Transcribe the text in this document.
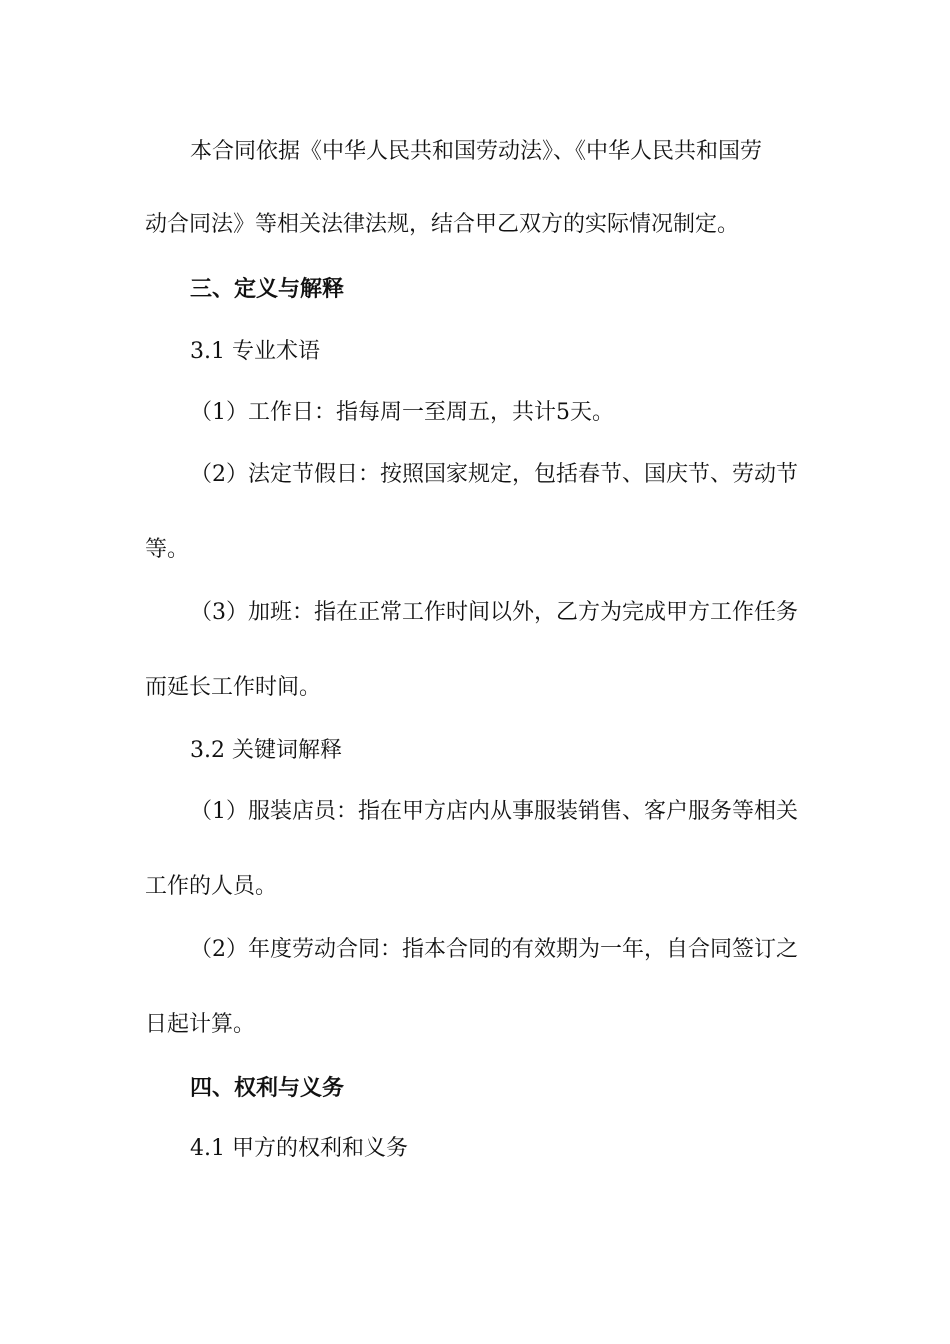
本合同依据《中华人民共和国劳动法》、《中华人民共和国劳
动合同法》等相关法律法规，结合甲乙双方的实际情况制定。
三、定义与解释
3.1 专业术语
（1）工作日：指每周一至周五，共计5天。
（2）法定节假日：按照国家规定，包括春节、国庆节、劳动节
等。
（3）加班：指在正常工作时间以外，乙方为完成甲方工作任务
而延长工作时间。
3.2 关键词解释
（1）服装店员：指在甲方店内从事服装销售、客户服务等相关
工作的人员。
（2）年度劳动合同：指本合同的有效期为一年，自合同签订之
日起计算。
四、权利与义务
4.1 甲方的权利和义务
